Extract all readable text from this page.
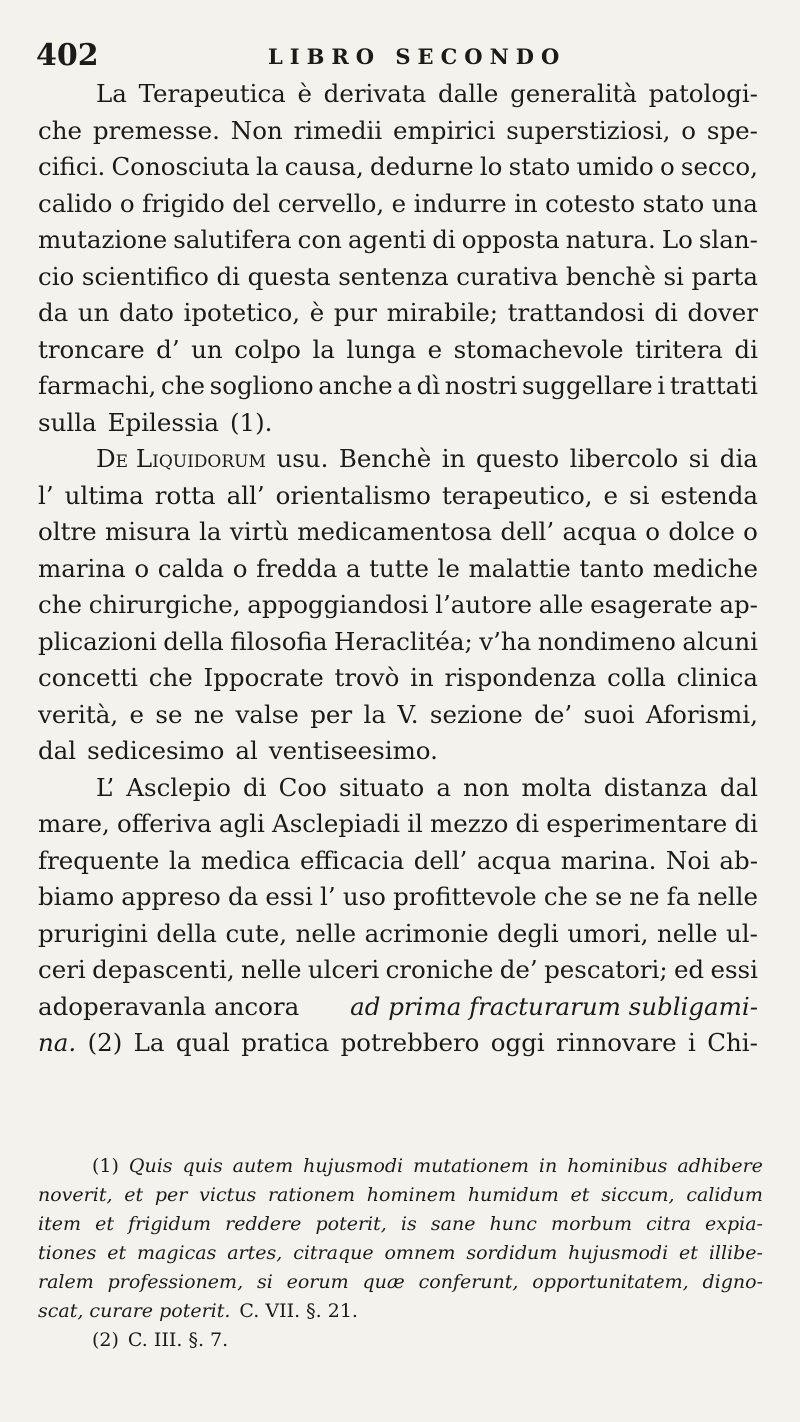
402	LIBRO SECONDO
La Terapeutica è derivata dalle generalità patologi-
che premesse. Non rimedii empirici superstiziosi, o spe-
cifici. Conosciuta la causa, dedurne lo stato umido o secco,
calido o frigido del cervello, e indurre in cotesto stato una
mutazione salutifera con agenti di opposta natura. Lo slan-
cio scientifico di questa sentenza curativa benchè si parta
da un dato ipotetico, è pur mirabile; trattandosi di dover
troncare d’ un colpo la lunga e stomachevole tiritera di
farmachi, che sogliono anche a dì nostri suggellare i trattati
sulla Epilessia (1).
De Liquidorum usu. Benchè in questo libercolo si dia
l’ ultima rotta all’ orientalismo terapeutico, e si estenda
oltre misura la virtù medicamentosa dell’ acqua o dolce o
marina o calda o fredda a tutte le malattie tanto mediche
che chirurgiche, appoggiandosi l’autore alle esagerate ap-
plicazioni della filosofia Heraclitéa; v’ha nondimeno alcuni
concetti che Ippocrate trovò in rispondenza colla clinica
verità, e se ne valse per la V. sezione de’ suoi Aforismi,
dal sedicesimo al ventiseesimo.
L’ Asclepio di Coo situato a non molta distanza dal
mare, offeriva agli Asclepiadi il mezzo di esperimentare di
frequente la medica efficacia dell’ acqua marina. Noi ab-
biamo appreso da essi l’ uso profittevole che se ne fa nelle
prurigini della cute, nelle acrimonie degli umori, nelle ul-
ceri depascenti, nelle ulceri croniche de’ pescatori; ed essi
adoperavanla ancora ad prima fracturarum subligami-
na. (2) La qual pratica potrebbero oggi rinnovare i Chi-
(1) Quis quis autem hujusmodi mutationem in hominibus adhibere
noverit, et per victus rationem hominem humidum et siccum, calidum
item et frigidum reddere poterit, is sane hunc morbum citra expia-
tiones et magicas artes, citraque omnem sordidum hujusmodi et illibe-
ralem professionem, si eorum quæ conferunt, opportunitatem, digno-
scat, curare poterit. C. VII. §. 21.
(2) C. III. §. 7.
